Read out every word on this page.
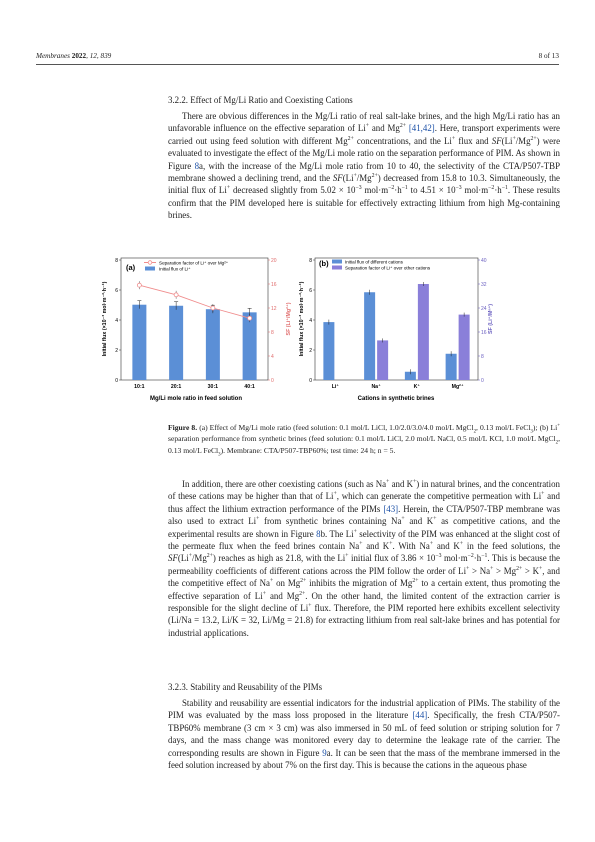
Membranes 2022, 12, 839	8 of 13
3.2.2. Effect of Mg/Li Ratio and Coexisting Cations

There are obvious differences in the Mg/Li ratio of real salt-lake brines, and the high Mg/Li ratio has an unfavorable influence on the effective separation of Li+ and $Mg^{2+}$ [41,42]. Here, transport experiments were carried out using feed solution with different $Mg^{2+}$ concentrations, and the Li+ flux and $SF(Li^+/Mg^{2+})$ were evaluated to investigate the effect of the Mg/Li mole ratio on the separation performance of PIM. As shown in Figure 8a, with the increase of the Mg/Li mole ratio from 10 to 40, the selectivity of the CTA/P507-TBP membrane showed a declining trend, and the $SF(Li^+/Mg^{2+})$ decreased from 15.8 to 10.3. Simultaneously, the initial flux of Li+ decreased slightly from $5.02 \times 10^{-3}$ $mol\cdot m^{-2}\cdot h^{-1}$ to $4.51 \times 10^{-3}$ $mol\cdot m^{-2}\cdot h^{-1}$. These results confirm that the PIM developed here is suitable for effectively extracting lithium from high Mg-containing brines.

(a)	Separation factor of Li⁺ over Mg²⁺
Initial flux of Li⁺
Mg/Li mole ratio in feed solution
Initial flux (×10⁻³ mol·m⁻²·h⁻¹)	SF (Li⁺/Mg²⁺)
0
2
4
6
8
0
4
8
12
16
20
10:1	20:1	30:1	40:1
(b)	Initial flux of different cations
Separation factor of Li⁺ over other cations
Cations in synthetic brines
Initial flux (×10⁻³ mol·m⁻²·h⁻¹)	SF (Li⁺/Mⁿ⁺)
0
2
4
6
8
0
8
16
24
32
40
Li⁺	Na⁺	K⁺	Mg²⁺
Figure 8. (a) Effect of Mg/Li mole ratio (feed solution: 0.1 mol/L LiCl, 1.0/2.0/3.0/4.0 mol/L MgCl$_2$, 0.13 mol/L FeCl$_3$); (b) Li+ separation performance from synthetic brines (feed solution: 0.1 mol/L LiCl, 2.0 mol/L NaCl, 0.5 mol/L KCl, 1.0 mol/L MgCl$_2$, 0.13 mol/L FeCl$_3$). Membrane: CTA/P507-TBP60%; test time: 24 h; n = 5.

In addition, there are other coexisting cations (such as Na+ and K+) in natural brines, and the concentration of these cations may be higher than that of Li+, which can generate the competitive permeation with Li+ and thus affect the lithium extraction performance of the PIMs [43]. Herein, the CTA/P507-TBP membrane was also used to extract Li+ from synthetic brines containing Na+ and K+ as competitive cations, and the experimental results are shown in Figure 8b. The Li+ selectivity of the PIM was enhanced at the slight cost of the permeate flux when the feed brines contain Na+ and K+. With Na+ and K+ in the feed solutions, the $SF(Li^+/Mg^{2+})$ reaches as high as 21.8, with the Li+ initial flux of $3.86 \times 10^{-3}$ $mol\cdot m^{-2}\cdot h^{-1}$. This is because the permeability coefficients of different cations across the PIM follow the order of $Li^+ > Na^+ > Mg^{2+} > K^+$, and the competitive effect of Na+ on $Mg^{2+}$ inhibits the migration of $Mg^{2+}$ to a certain extent, thus promoting the effective separation of Li+ and $Mg^{2+}$. On the other hand, the limited content of the extraction carrier is responsible for the slight decline of Li+ flux. Therefore, the PIM reported here exhibits excellent selectivity (Li/Na = 13.2, Li/K = 32, Li/Mg = 21.8) for extracting lithium from real salt-lake brines and has potential for industrial applications.

3.2.3. Stability and Reusability of the PIMs

Stability and reusability are essential indicators for the industrial application of PIMs. The stability of the PIM was evaluated by the mass loss proposed in the literature [44]. Specifically, the fresh CTA/P507-TBP60% membrane (3 cm × 3 cm) was also immersed in 50 mL of feed solution or striping solution for 7 days, and the mass change was monitored every day to determine the leakage rate of the carrier. The corresponding results are shown in Figure 9a. It can be seen that the mass of the membrane immersed in the feed solution increased by about 7% on the first day. This is because the cations in the aqueous phase
